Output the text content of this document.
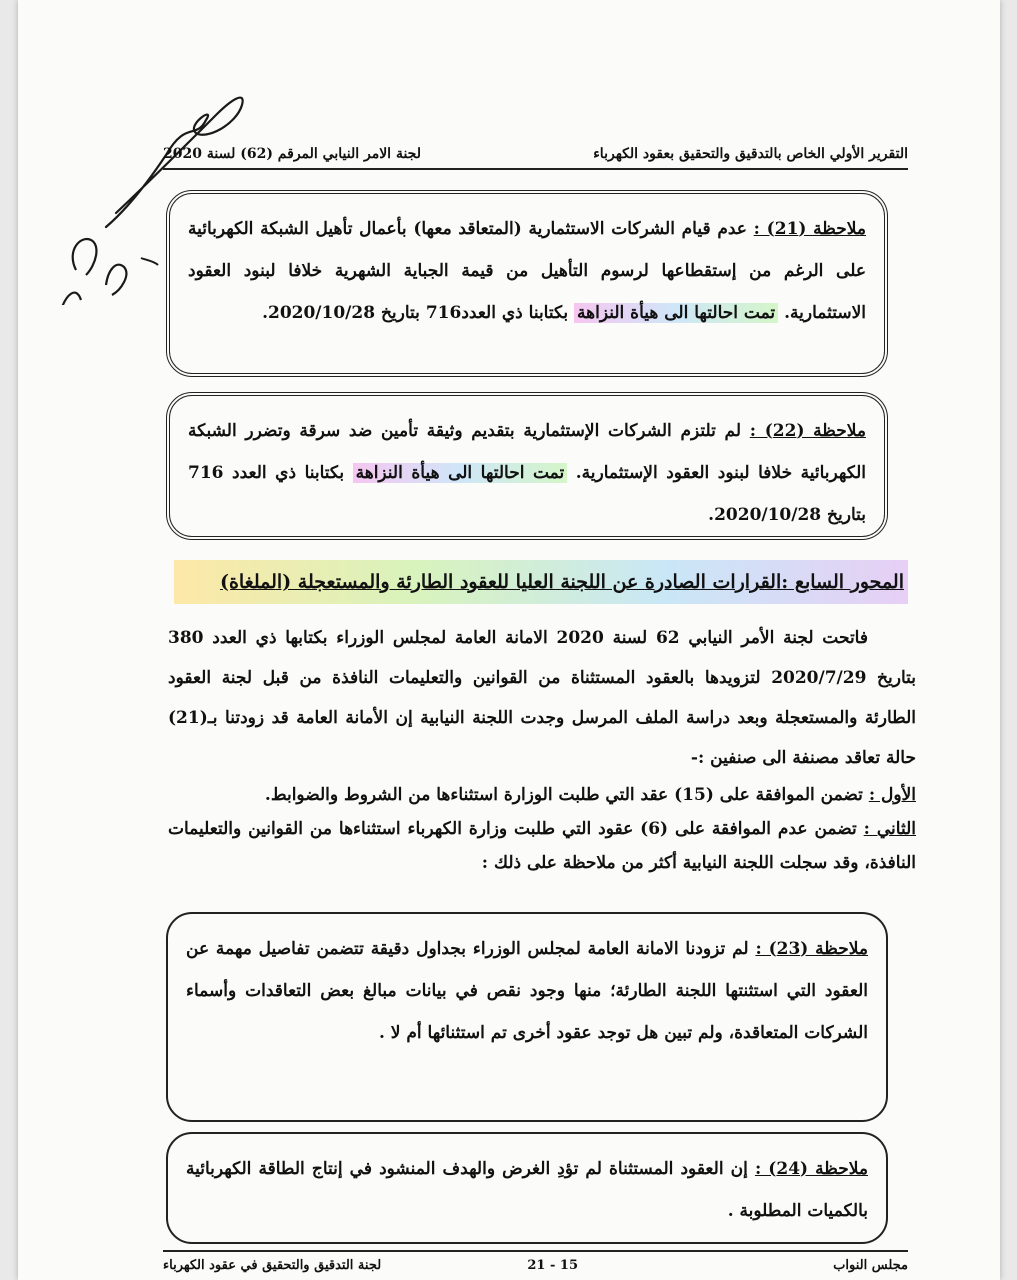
التقرير الأولي الخاص بالتدقيق والتحقيق بعقود الكهرباء
لجنة الامر النيابي المرقم (62) لسنة 2020
ملاحظة (21) : عدم قيام الشركات الاستثمارية (المتعاقد معها) بأعمال تأهيل الشبكة الكهربائية على الرغم من إستقطاعها لرسوم التأهيل من قيمة الجباية الشهرية خلافا لبنود العقود الاستثمارية. تمت احالتها الى هيأة النزاهة بكتابنا ذي العدد716 بتاريخ 2020/10/28.
ملاحظة (22) : لم تلتزم الشركات الإستثمارية بتقديم وثيقة تأمين ضد سرقة وتضرر الشبكة الكهربائية خلافا لبنود العقود الإستثمارية. تمت احالتها الى هيأة النزاهة بكتابنا ذي العدد 716 بتاريخ 2020/10/28.
المحور السابع :القرارات الصادرة عن اللجنة العليا للعقود الطارئة والمستعجلة (الملغاة)

فاتحت لجنة الأمر النيابي 62 لسنة 2020 الامانة العامة لمجلس الوزراء بكتابها ذي العدد 380 بتاريخ 2020/7/29 لتزويدها بالعقود المستثناة من القوانين والتعليمات النافذة من قبل لجنة العقود الطارئة والمستعجلة وبعد دراسة الملف المرسل وجدت اللجنة النيابية إن الأمانة العامة قد زودتنا بـ(21) حالة تعاقد مصنفة الى صنفين :-

الأول : تضمن الموافقة على (15) عقد التي طلبت الوزارة استثناءها من الشروط والضوابط.

الثاني : تضمن عدم الموافقة على (6) عقود التي طلبت وزارة الكهرباء استثناءها من القوانين والتعليمات النافذة، وقد سجلت اللجنة النيابية أكثر من ملاحظة على ذلك :

ملاحظة (23) : لم تزودنا الامانة العامة لمجلس الوزراء بجداول دقيقة تتضمن تفاصيل مهمة عن العقود التي استثنتها اللجنة الطارئة؛ منها وجود نقص في بيانات مبالغ بعض التعاقدات وأسماء الشركات المتعاقدة، ولم تبين هل توجد عقود أخرى تم استثنائها أم لا .
ملاحظة (24) : إن العقود المستثناة لم تؤدِ الغرض والهدف المنشود في إنتاج الطاقة الكهربائية بالكميات المطلوبة .
مجلس النواب
15 - 21
لجنة التدقيق والتحقيق في عقود الكهرباء
